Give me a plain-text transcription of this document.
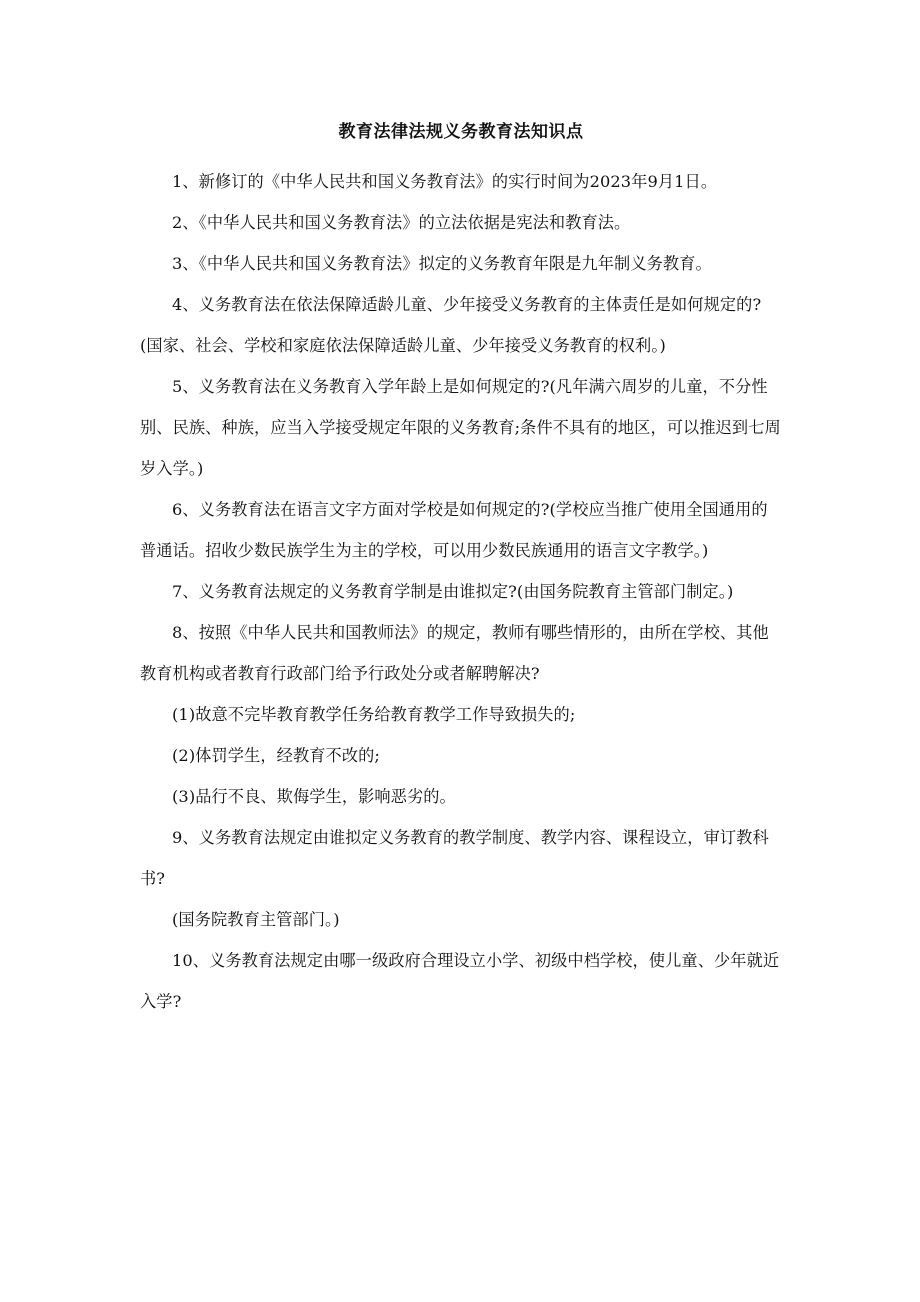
教育法律法规义务教育法知识点

1、新修订的《中华人民共和国义务教育法》的实行时间为2023年9月1日。

2、《中华人民共和国义务教育法》的立法依据是宪法和教育法。

3、《中华人民共和国义务教育法》拟定的义务教育年限是九年制义务教育。

4、义务教育法在依法保障适龄儿童、少年接受义务教育的主体责任是如何规定的?(国家、社会、学校和家庭依法保障适龄儿童、少年接受义务教育的权利。)

5、义务教育法在义务教育入学年龄上是如何规定的?(凡年满六周岁的儿童，不分性别、民族、种族，应当入学接受规定年限的义务教育;条件不具有的地区，可以推迟到七周岁入学。)

6、义务教育法在语言文字方面对学校是如何规定的?(学校应当推广使用全国通用的普通话。招收少数民族学生为主的学校，可以用少数民族通用的语言文字教学。)

7、义务教育法规定的义务教育学制是由谁拟定?(由国务院教育主管部门制定。)

8、按照《中华人民共和国教师法》的规定，教师有哪些情形的，由所在学校、其他教育机构或者教育行政部门给予行政处分或者解聘解决?

(1)故意不完毕教育教学任务给教育教学工作导致损失的;

(2)体罚学生，经教育不改的;

(3)品行不良、欺侮学生，影响恶劣的。

9、义务教育法规定由谁拟定义务教育的教学制度、教学内容、课程设立，审订教科书?

(国务院教育主管部门。)

10、义务教育法规定由哪一级政府合理设立小学、初级中档学校，使儿童、少年就近入学?
